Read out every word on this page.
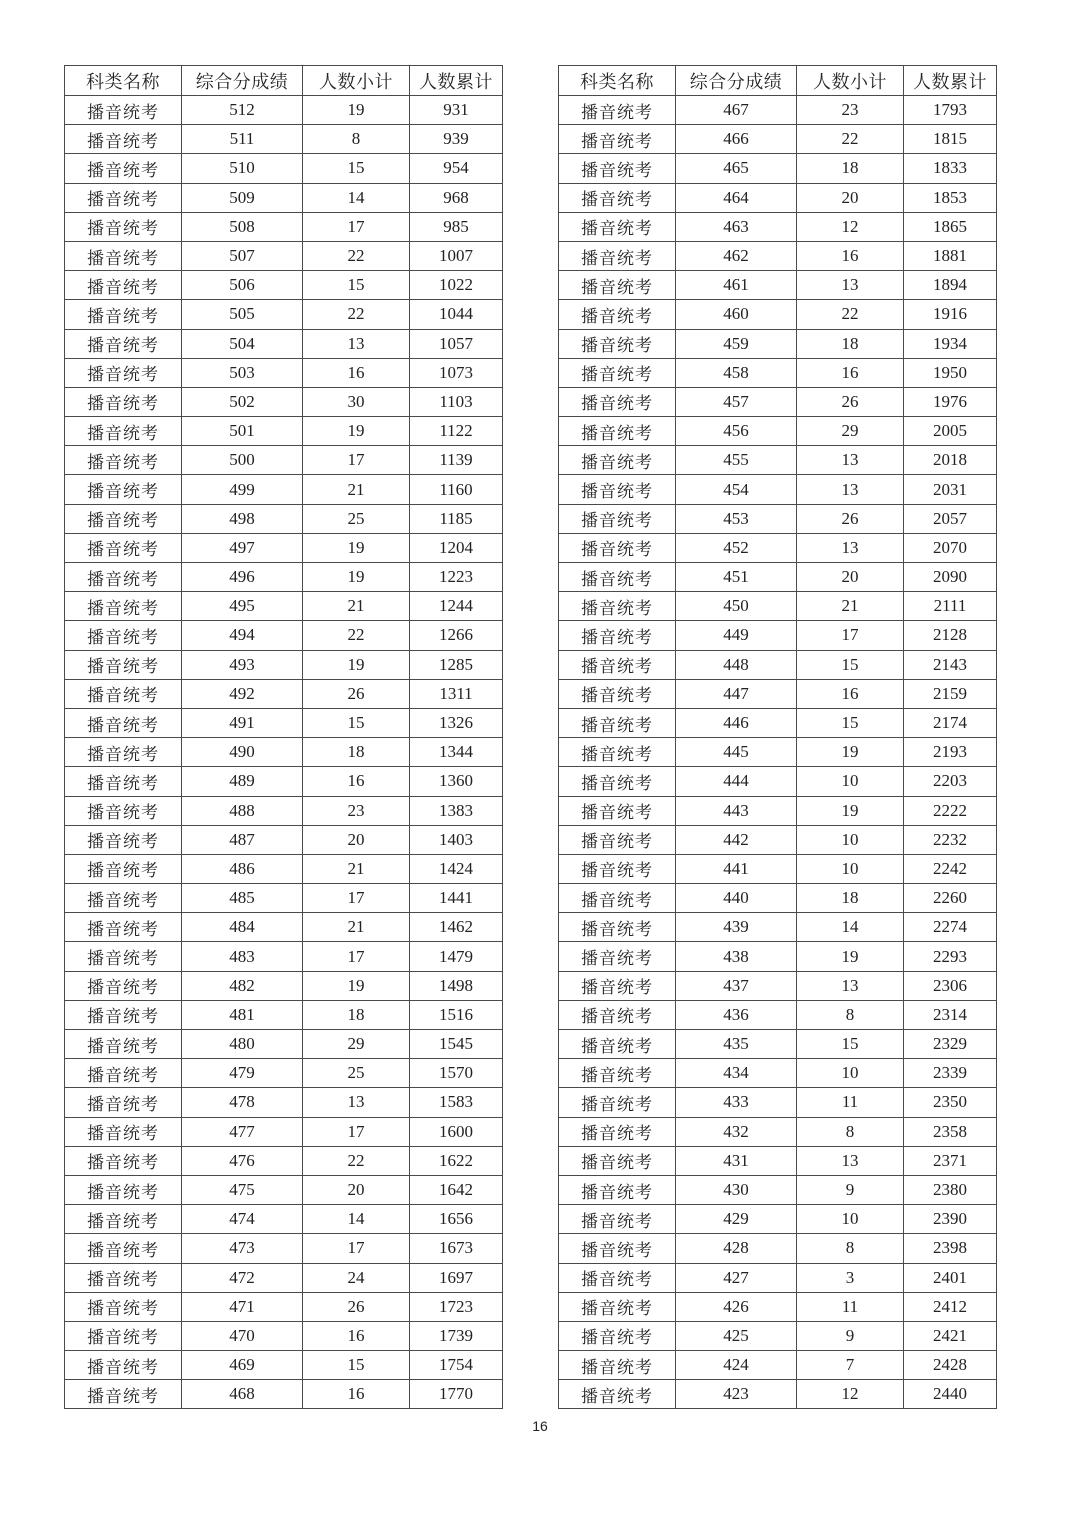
科类名称	综合分成绩	人数小计	人数累计
播音统考	512	19	931
播音统考	511	8	939
播音统考	510	15	954
播音统考	509	14	968
播音统考	508	17	985
播音统考	507	22	1007
播音统考	506	15	1022
播音统考	505	22	1044
播音统考	504	13	1057
播音统考	503	16	1073
播音统考	502	30	1103
播音统考	501	19	1122
播音统考	500	17	1139
播音统考	499	21	1160
播音统考	498	25	1185
播音统考	497	19	1204
播音统考	496	19	1223
播音统考	495	21	1244
播音统考	494	22	1266
播音统考	493	19	1285
播音统考	492	26	1311
播音统考	491	15	1326
播音统考	490	18	1344
播音统考	489	16	1360
播音统考	488	23	1383
播音统考	487	20	1403
播音统考	486	21	1424
播音统考	485	17	1441
播音统考	484	21	1462
播音统考	483	17	1479
播音统考	482	19	1498
播音统考	481	18	1516
播音统考	480	29	1545
播音统考	479	25	1570
播音统考	478	13	1583
播音统考	477	17	1600
播音统考	476	22	1622
播音统考	475	20	1642
播音统考	474	14	1656
播音统考	473	17	1673
播音统考	472	24	1697
播音统考	471	26	1723
播音统考	470	16	1739
播音统考	469	15	1754
播音统考	468	16	1770
科类名称	综合分成绩	人数小计	人数累计
播音统考	467	23	1793
播音统考	466	22	1815
播音统考	465	18	1833
播音统考	464	20	1853
播音统考	463	12	1865
播音统考	462	16	1881
播音统考	461	13	1894
播音统考	460	22	1916
播音统考	459	18	1934
播音统考	458	16	1950
播音统考	457	26	1976
播音统考	456	29	2005
播音统考	455	13	2018
播音统考	454	13	2031
播音统考	453	26	2057
播音统考	452	13	2070
播音统考	451	20	2090
播音统考	450	21	2111
播音统考	449	17	2128
播音统考	448	15	2143
播音统考	447	16	2159
播音统考	446	15	2174
播音统考	445	19	2193
播音统考	444	10	2203
播音统考	443	19	2222
播音统考	442	10	2232
播音统考	441	10	2242
播音统考	440	18	2260
播音统考	439	14	2274
播音统考	438	19	2293
播音统考	437	13	2306
播音统考	436	8	2314
播音统考	435	15	2329
播音统考	434	10	2339
播音统考	433	11	2350
播音统考	432	8	2358
播音统考	431	13	2371
播音统考	430	9	2380
播音统考	429	10	2390
播音统考	428	8	2398
播音统考	427	3	2401
播音统考	426	11	2412
播音统考	425	9	2421
播音统考	424	7	2428
播音统考	423	12	2440
16
